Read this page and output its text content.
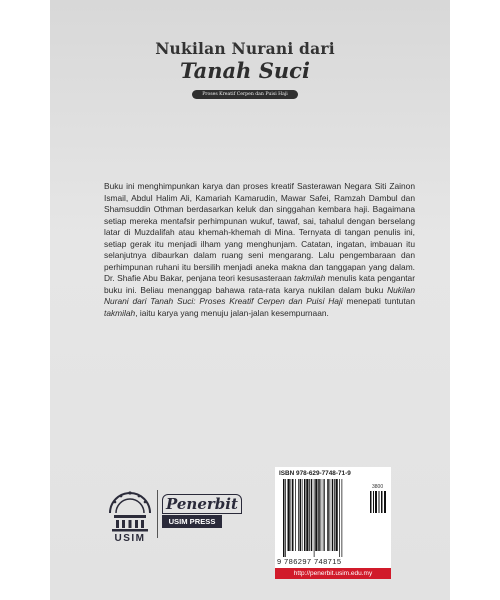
Nukilan Nurani dari
Tanah Suci
Proses Kreatif Cerpen dan Puisi Haji

Buku ini menghimpunkan karya dan proses kreatif Sasterawan Negara Siti Zainon Ismail, Abdul Halim Ali, Kamariah Kamarudin, Mawar Safei, Ramzah Dambul dan Shamsuddin Othman berdasarkan keluk dan singgahan kembara haji. Bagaimana setiap mereka mentafsir perhimpunan wukuf, tawaf, sai, tahalul dengan berselang latar di Muzdalifah atau khemah-khemah di Mina. Ternyata di tangan penulis ini, setiap gerak itu menjadi ilham yang menghunjam. Catatan, ingatan, imbauan itu selanjutnya dibaurkan dalam ruang seni mengarang. Lalu pengembaraan dan perhimpunan ruhani itu bersilih menjadi aneka makna dan tanggapan yang dalam. Dr. Shafie Abu Bakar, penjana teori kesusasteraan takmilah menulis kata pengantar buku ini. Beliau menanggap bahawa rata-rata karya nukilan dalam buku Nukilan Nurani dari Tanah Suci: Proses Kreatif Cerpen dan Puisi Haji menepati tuntutan takmilah, iaitu karya yang menuju jalan-jalan kesempurnaan.

USIM
Penerbit
USIM PRESS
ISBN 978-629-7748-71-9
3800
9 786297 748715
http://penerbit.usim.edu.my
